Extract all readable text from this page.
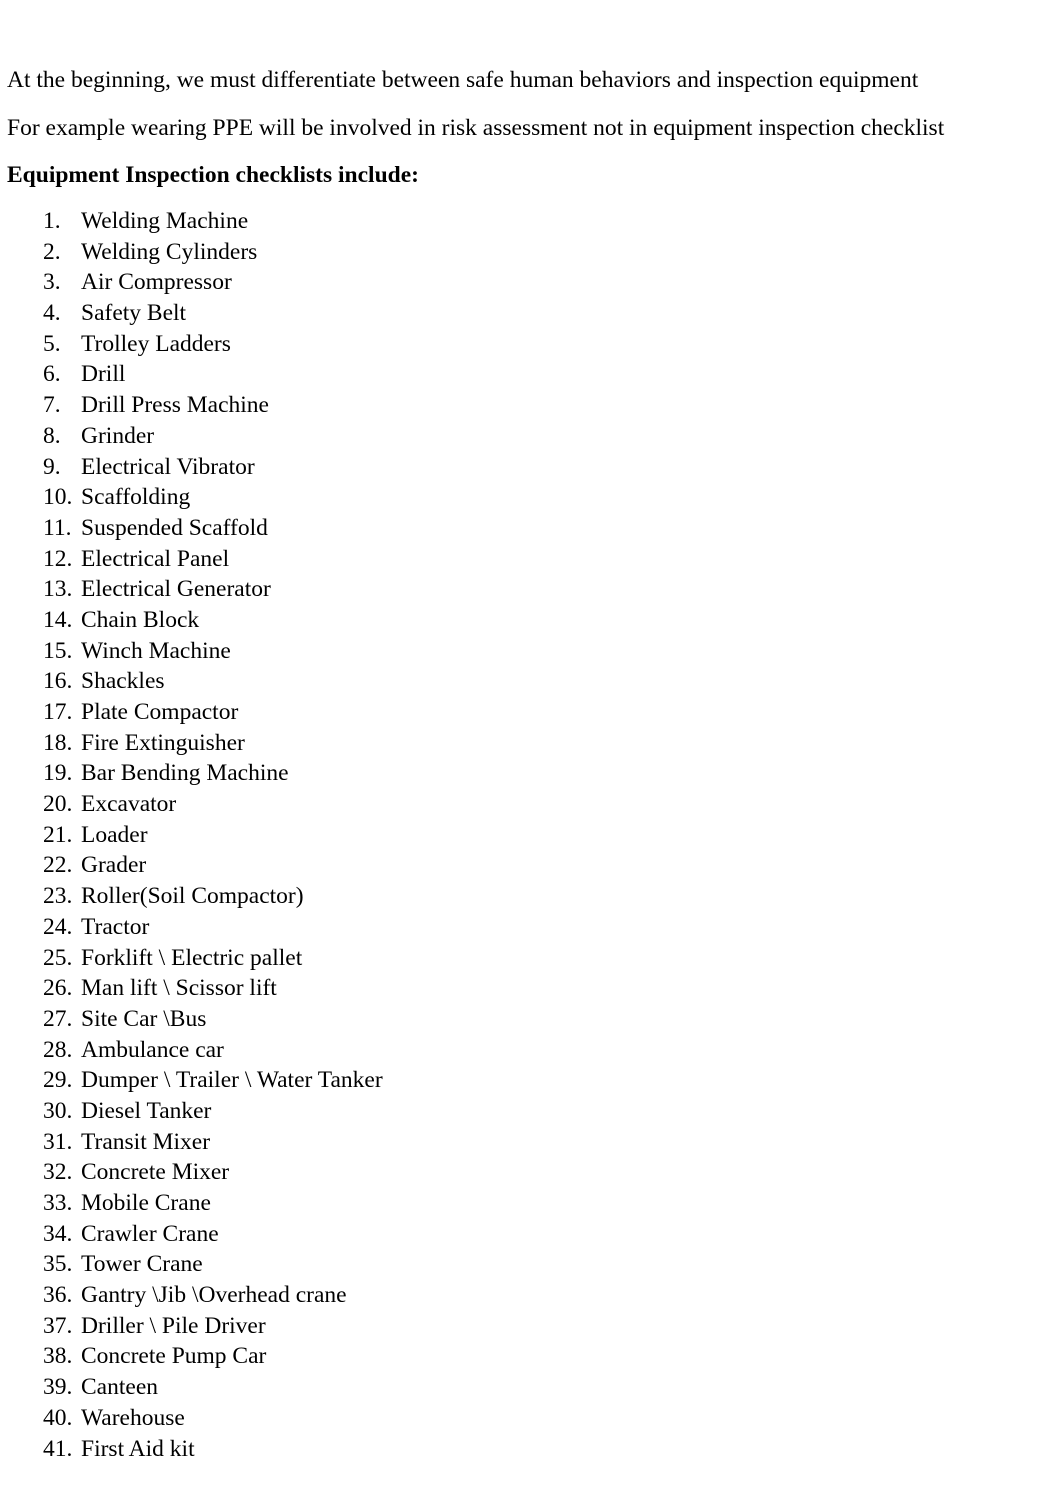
At the beginning, we must differentiate between safe human behaviors and inspection equipment

For example wearing PPE will be involved in risk assessment not in equipment inspection checklist

Equipment Inspection checklists include:

1. Welding Machine
2. Welding Cylinders
3. Air Compressor
4. Safety Belt
5. Trolley Ladders
6. Drill
7. Drill Press Machine
8. Grinder
9. Electrical Vibrator
10. Scaffolding
11. Suspended Scaffold
12. Electrical Panel
13. Electrical Generator
14. Chain Block
15. Winch Machine
16. Shackles
17. Plate Compactor
18. Fire Extinguisher
19. Bar Bending Machine
20. Excavator
21. Loader
22. Grader
23. Roller(Soil Compactor)
24. Tractor
25. Forklift \ Electric pallet
26. Man lift \ Scissor lift
27. Site Car \Bus
28. Ambulance car
29. Dumper \ Trailer \ Water Tanker
30. Diesel Tanker
31. Transit Mixer
32. Concrete Mixer
33. Mobile Crane
34. Crawler Crane
35. Tower Crane
36. Gantry \Jib \Overhead crane
37. Driller \ Pile Driver
38. Concrete Pump Car
39. Canteen
40. Warehouse
41. First Aid kit
